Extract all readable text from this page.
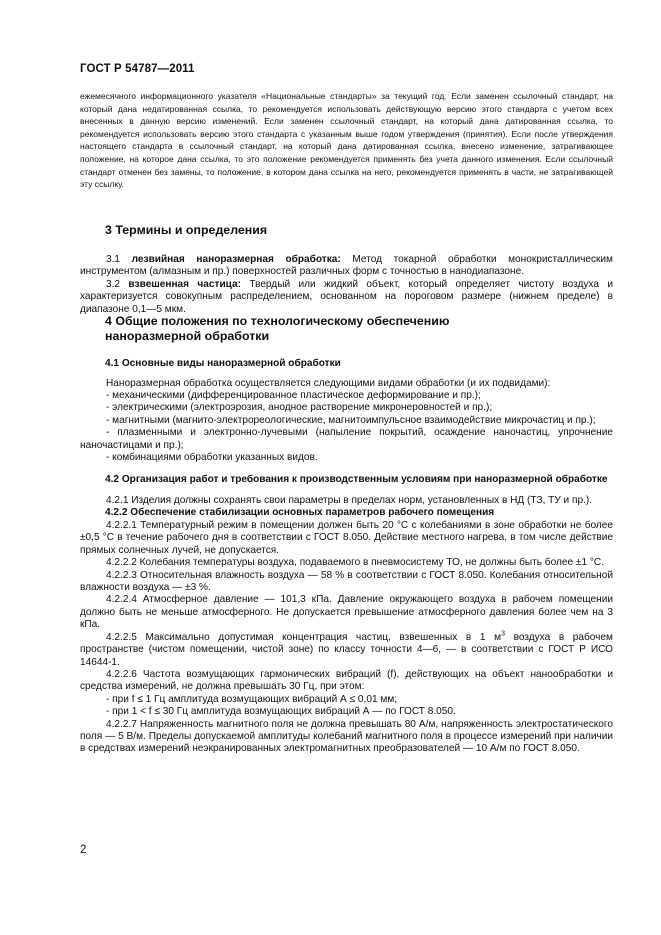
ГОСТ Р 54787—2011

ежемесячного информационного указателя «Национальные стандарты» за текущий год. Если заменен ссылочный стандарт, на который дана недатированная ссылка, то рекомендуется использовать действующую версию этого стандарта с учетом всех внесенных в данную версию изменений. Если заменен ссылочный стандарт, на который дана датированная ссылка, то рекомендуется использовать версию этого стандарта с указанным выше годом утверждения (принятия). Если после утверждения настоящего стандарта в ссылочный стандарт, на который дана датированная ссылка, внесено изменение, затрагивающее положение, на которое дана ссылка, то это положение рекомендуется применять без учета данного изменения. Если ссылочный стандарт отменен без замены, то положение, в котором дана ссылка на него, рекомендуется применять в части, не затрагивающей эту ссылку.

3 Термины и определения

3.1 лезвийная наноразмерная обработка: Метод токарной обработки монокристаллическим инструментом (алмазным и пр.) поверхностей различных форм с точностью в нанодиапазоне.

3.2 взвешенная частица: Твердый или жидкий объект, который определяет чистоту воздуха и характеризуется совокупным распределением, основанном на пороговом размере (нижнем пределе) в диапазоне 0,1—5 мкм.

4 Общие положения по технологическому обеспечению наноразмерной обработки
4.1 Основные виды наноразмерной обработки

Наноразмерная обработка осуществляется следующими видами обработки (и их подвидами):

- механическими (дифференцированное пластическое деформирование и пр.);

- электрическими (электроэрозия, анодное растворение микронеровностей и пр.);

- магнитными (магнито-электрореологические, магнитоимпульсное взаимодействие микрочастиц и пр.);

- плазменными и электронно-лучевыми (напыление покрытий, осаждение наночастиц, упрочнение наночастицами и пр.);

- комбинациями обработки указанных видов.

4.2 Организация работ и требования к производственным условиям при наноразмерной обработке

4.2.1 Изделия должны сохранять свои параметры в пределах норм, установленных в НД (ТЗ, ТУ и пр.).

4.2.2 Обеспечение стабилизации основных параметров рабочего помещения

4.2.2.1 Температурный режим в помещении должен быть 20 °С с колебаниями в зоне обработки не более ±0,5 °С в течение рабочего дня в соответствии с ГОСТ 8.050. Действие местного нагрева, в том числе действие прямых солнечных лучей, не допускается.

4.2.2.2 Колебания температуры воздуха, подаваемого в пневмосистему ТО, не должны быть более ±1 °С.

4.2.2.3 Относительная влажность воздуха — 58 % в соответствии с ГОСТ 8.050. Колебания относительной влажности воздуха — ±3 %.

4.2.2.4 Атмосферное давление — 101,3 кПа. Давление окружающего воздуха в рабочем помещении должно быть не меньше атмосферного. Не допускается превышение атмосферного давления более чем на 3 кПа.

4.2.2.5 Максимально допустимая концентрация частиц, взвешенных в 1 $м^3$ воздуха в рабочем пространстве (чистом помещении, чистой зоне) по классу точности 4—6, — в соответствии с ГОСТ Р ИСО 14644-1.

4.2.2.6 Частота возмущающих гармонических вибраций (f), действующих на объект нанообработки и средства измерений, не должна превышать 30 Гц, при этом:

- при f ≤ 1 Гц амплитуда возмущающих вибраций А ≤ 0,01 мм;

- при 1 < f ≤ 30 Гц амплитуда возмущающих вибраций А — по ГОСТ 8.050.

4.2.2.7 Напряженность магнитного поля не должна превышать 80 А/м, напряженность электростатического поля — 5 В/м. Пределы допускаемой амплитуды колебаний магнитного поля в процессе измерений при наличии в средствах измерений неэкранированных электромагнитных преобразователей — 10 А/м по ГОСТ 8.050.

2
